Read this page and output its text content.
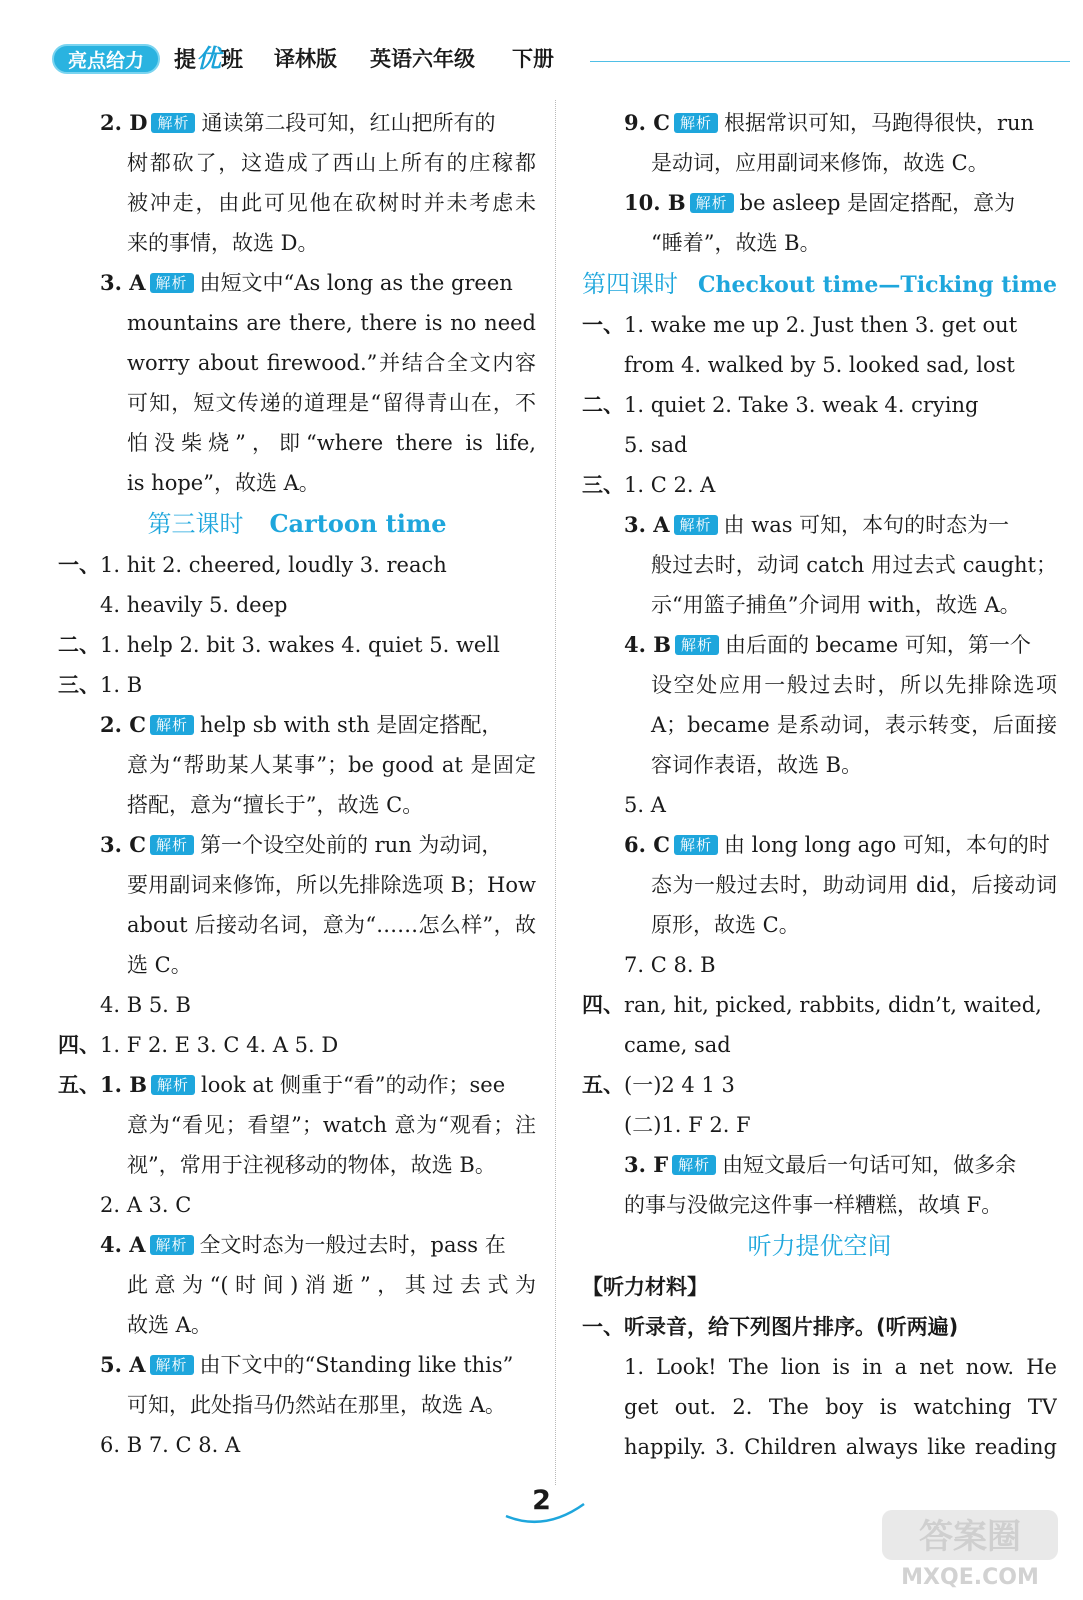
亮点给力	提优班 译林版 英语六年级 下册
2. D 解析 通读第二段可知，红山把所有的
树都砍了，这造成了西山上所有的庄稼都
被冲走，由此可见他在砍树时并未考虑未
来的事情，故选 D。
3. A 解析 由短文中“As long as the green
mountains are there, there is no need
worry about firewood.”并结合全文内容
可知，短文传递的道理是“留得青山在，不
怕没柴烧”，即“where there is life,
is hope”，故选 A。
第三课时 Cartoon time
一、1. hit 2. cheered, loudly 3. reach
4. heavily 5. deep
二、1. help 2. bit 3. wakes 4. quiet 5. well
三、1. B
2. C 解析 help sb with sth 是固定搭配，
意为“帮助某人某事”；be good at 是固定
搭配，意为“擅长于”，故选 C。
3. C 解析 第一个设空处前的 run 为动词，
要用副词来修饰，所以先排除选项 B；How
about 后接动名词，意为“……怎么样”，故
选 C。
4. B 5. B
四、1. F 2. E 3. C 4. A 5. D
五、1. B 解析 look at 侧重于“看”的动作；see
意为“看见；看望”；watch 意为“观看；注
视”，常用于注视移动的物体，故选 B。
2. A 3. C
4. A 解析 全文时态为一般过去时，pass 在
此意为“(时间)消逝”，其过去式为
故选 A。
5. A 解析 由下文中的“Standing like this”
可知，此处指马仍然站在那里，故选 A。
6. B 7. C 8. A
9. C 解析 根据常识可知，马跑得很快，run
是动词，应用副词来修饰，故选 C。
10. B 解析 be asleep 是固定搭配，意为
“睡着”，故选 B。
第四课时 Checkout time—Ticking time
一、1. wake me up 2. Just then 3. get out
from 4. walked by 5. looked sad, lost
二、1. quiet 2. Take 3. weak 4. crying
5. sad
三、1. C 2. A
3. A 解析 由 was 可知，本句的时态为一
般过去时，动词 catch 用过去式 caught；
示“用篮子捕鱼”介词用 with，故选 A。
4. B 解析 由后面的 became 可知，第一个
设空处应用一般过去时，所以先排除选项
A；became 是系动词，表示转变，后面接
容词作表语，故选 B。
5. A
6. C 解析 由 long long ago 可知，本句的时
态为一般过去时，助动词用 did，后接动词
原形，故选 C。
7. C 8. B
四、ran, hit, picked, rabbits, didn’t, waited,
came, sad
五、(一)2 4 1 3
(二)1. F 2. F
3. F 解析 由短文最后一句话可知，做多余
的事与没做完这件事一样糟糕，故填 F。
听力提优空间
【听力材料】
一、听录音，给下列图片排序。(听两遍)
1. Look! The lion is in a net now. He
get out. 2. The boy is watching TV
happily. 3. Children always like reading
2
答案圈
MXQE.COM
